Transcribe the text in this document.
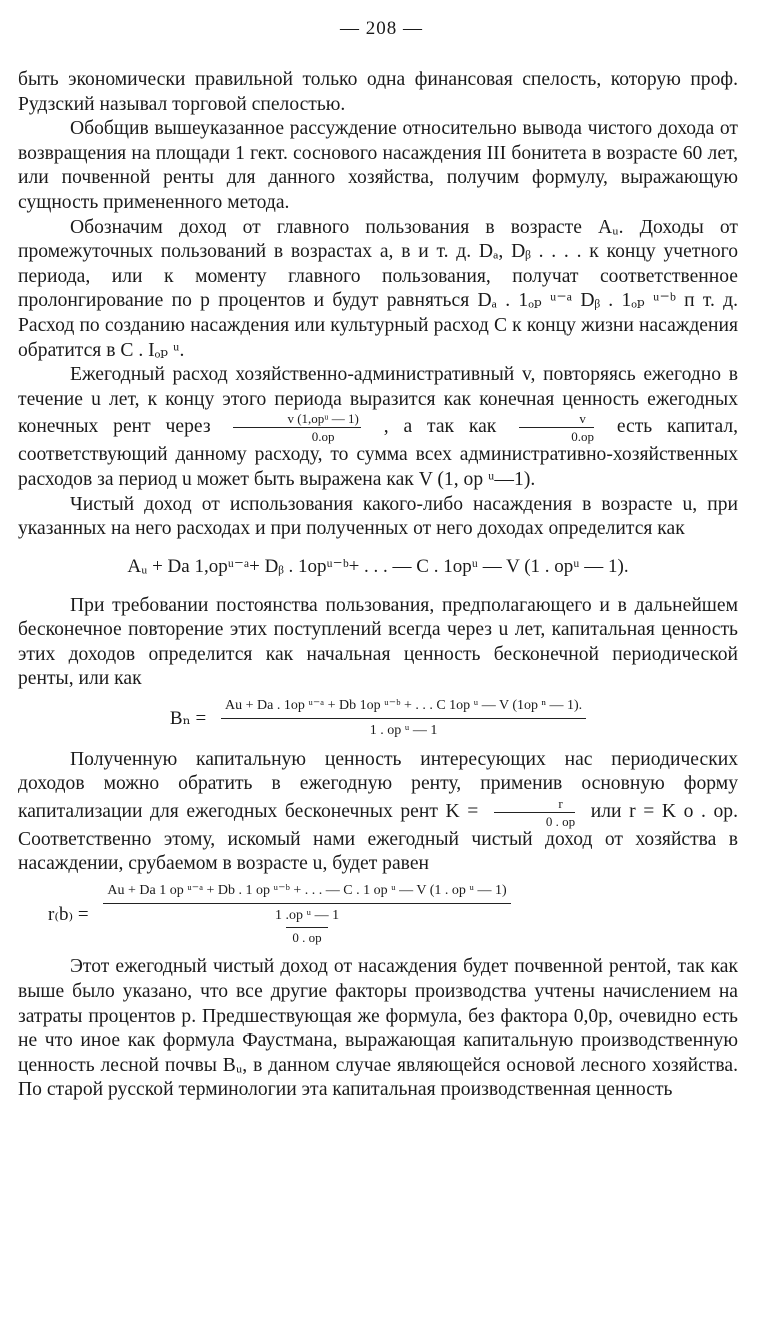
— 208 —

быть экономически правильной только одна финансовая спелость, которую проф. Рудзский называл торговой спелостью.

Обобщив вышеуказанное рассуждение относительно вывода чистого дохода от возвращения на площади 1 гект. соснового насаждения III бонитета в возрасте 60 лет, или почвенной ренты для данного хозяйства, получим формулу, выражающую сущность примененного метода.

Обозначим доход от главного пользования в возрасте Aᵤ. Доходы от промежуточных пользований в возрастах а, в и т. д. Dₐ, Dᵦ . . . . к концу учетного периода, или к моменту главного пользования, получат соответственное пролонгирование по р процентов и будут равняться Dₐ . 1ₒₚ ᵘ⁻ᵃ Dᵦ . 1ₒₚ ᵘ⁻ᵇ п т. д. Расход по созданию насаждения или культурный расход С к концу жизни насаждения обратится в С . Iₒₚ ᵘ.

Ежегодный расход хозяйственно-административный v, повторяясь ежегодно в течение u лет, к концу этого периода выразится как конечная ценность ежегодных конечных рент через $\frac{\text{v (1,opᵘ — 1)}}{0.op}$ , а так как $\frac{v}{0.op}$ есть капитал, соответствующий данному расходу, то сумма всех административно-хозяйственных расходов за период u может быть выражена как V (1, op ᵘ—1).

Чистый доход от использования какого-либо насаждения в возрасте u, при указанных на него расходах и при полученных от него доходах определится как

Aᵤ + Da 1,opᵘ⁻ᵃ+ Dᵦ . 1opᵘ⁻ᵇ+ . . . — C . 1opᵘ — V (1 . opᵘ — 1).

При требовании постоянства пользования, предполагающего и в дальнейшем бесконечное повторение этих поступлений всегда через u лет, капитальная ценность этих доходов определится как начальная ценность бесконечной периодической ренты, или как

Bₙ =
Au + Da . 1op ᵘ⁻ᵃ + Db 1op ᵘ⁻ᵇ + . . . C 1op ᵘ — V (1op ⁿ — 1).
1 . op ᵘ — 1

Полученную капитальную ценность интересующих нас периодических доходов можно обратить в ежегодную ренту, применив основную форму капитализации для ежегодных бесконечных рент $K = \frac{r}{0 . op}$ или r = K o . op. Соответственно этому, искомый нами ежегодный чистый доход от хозяйства в насаждении, срубаемом в возрасте u, будет равен

r₍b₎ =
Au + Da 1 op ᵘ⁻ᵃ + Db . 1 op ᵘ⁻ᵇ + . . . — C . 1 op ᵘ — V (1 . op ᵘ — 1)
1 .op ᵘ — 1
0 . op

Этот ежегодный чистый доход от насаждения будет почвенной рентой, так как выше было указано, что все другие факторы производства учтены начислением на затраты процентов р. Предшествующая же формула, без фактора 0,0р, очевидно есть не что иное как формула Фаустмана, выражающая капитальную производственную ценность лесной почвы Bᵤ, в данном случае являющейся основой лесного хозяйства. По старой русской терминологии эта капитальная производственная ценность
